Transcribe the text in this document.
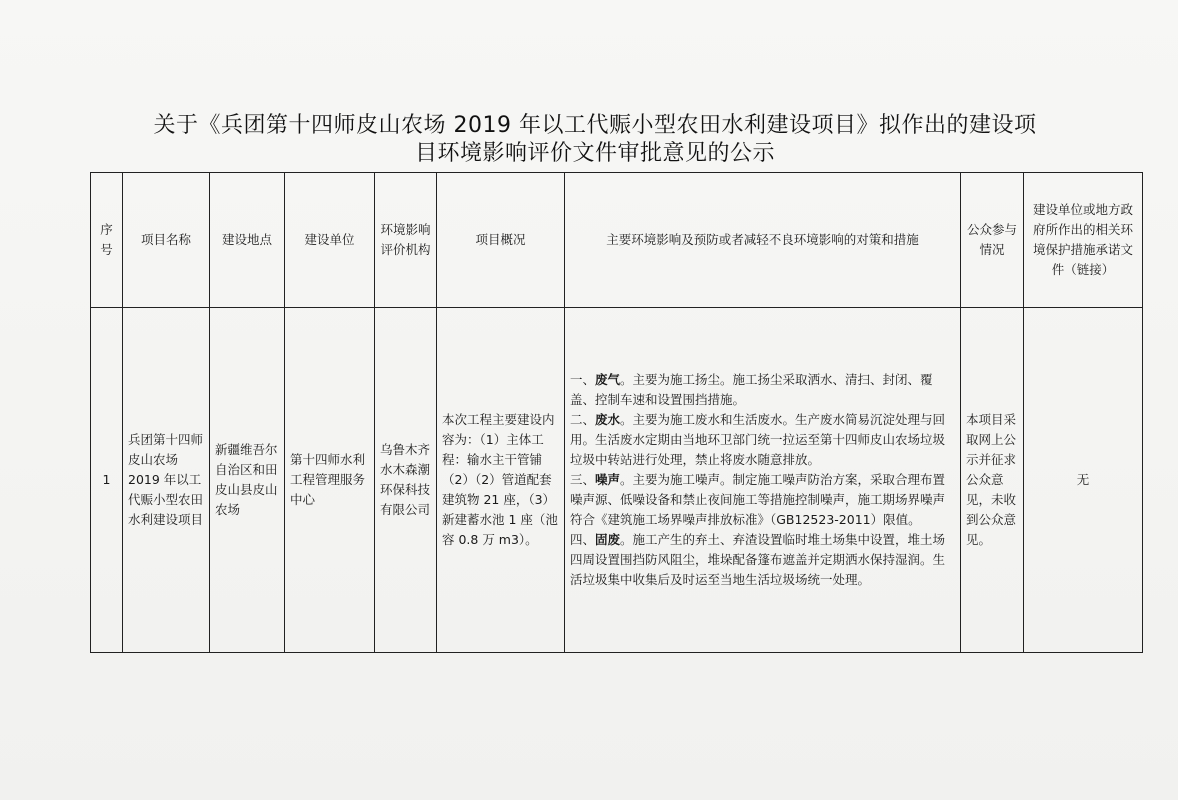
关于《兵团第十四师皮山农场 2019 年以工代赈小型农田水利建设项目》拟作出的建设项
目环境影响评价文件审批意见的公示
序号	项目名称	建设地点	建设单位	环境影响评价机构	项目概况	主要环境影响及预防或者减轻不良环境影响的对策和措施	公众参与情况	建设单位或地方政府所作出的相关环境保护措施承诺文件（链接）
1	兵团第十四师皮山农场 2019 年以工代赈小型农田水利建设项目	新疆维吾尔自治区和田皮山县皮山农场	第十四师水利工程管理服务中心	乌鲁木齐水木森潮环保科技有限公司	本次工程主要建设内容为：（1）主体工程：输水主干管铺（2）（2）管道配套建筑物 21 座，（3）新建蓄水池 1 座（池容 0.8 万 m3）。	一、废气。主要为施工扬尘。施工扬尘采取洒水、清扫、封闭、覆盖、控制车速和设置围挡措施。

二、废水。主要为施工废水和生活废水。生产废水简易沉淀处理与回用。生活废水定期由当地环卫部门统一拉运至第十四师皮山农场垃圾垃圾中转站进行处理，禁止将废水随意排放。

三、噪声。主要为施工噪声。制定施工噪声防治方案，采取合理布置噪声源、低噪设备和禁止夜间施工等措施控制噪声，施工期场界噪声符合《建筑施工场界噪声排放标准》（GB12523-2011）限值。

四、固废。施工产生的弃土、弃渣设置临时堆土场集中设置，堆土场四周设置围挡防风阻尘，堆垛配备篷布遮盖并定期洒水保持湿润。生活垃圾集中收集后及时运至当地生活垃圾场统一处理。	本项目采取网上公示并征求公众意见，未收到公众意见。	无
